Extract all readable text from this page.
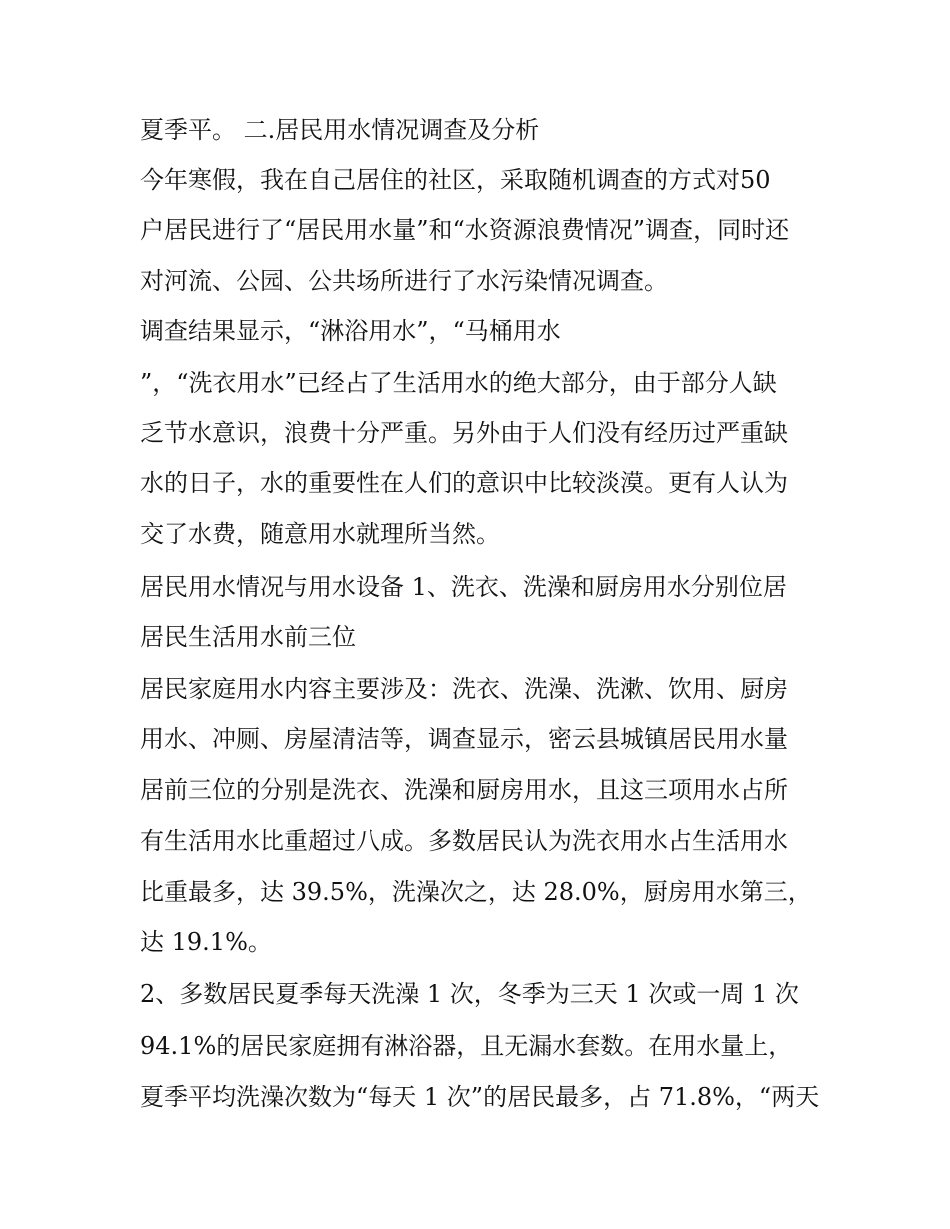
夏季平。 二.居民用水情况调查及分析
今年寒假，我在自己居住的社区，采取随机调查的方式对50
户居民进行了“居民用水量”和“水资源浪费情况”调查，同时还
对河流、公园、公共场所进行了水污染情况调查。
调查结果显示，“淋浴用水”，“马桶用水
”，“洗衣用水”已经占了生活用水的绝大部分，由于部分人缺
乏节水意识，浪费十分严重。另外由于人们没有经历过严重缺
水的日子，水的重要性在人们的意识中比较淡漠。更有人认为
交了水费，随意用水就理所当然。
居民用水情况与用水设备 1、洗衣、洗澡和厨房用水分别位居
居民生活用水前三位
居民家庭用水内容主要涉及：洗衣、洗澡、洗漱、饮用、厨房
用水、冲厕、房屋清洁等，调查显示，密云县城镇居民用水量
居前三位的分别是洗衣、洗澡和厨房用水，且这三项用水占所
有生活用水比重超过八成。多数居民认为洗衣用水占生活用水
比重最多，达 39.5%，洗澡次之，达 28.0%，厨房用水第三，
达 19.1%。
2、多数居民夏季每天洗澡 1 次，冬季为三天 1 次或一周 1 次
94.1%的居民家庭拥有淋浴器，且无漏水套数。在用水量上，
夏季平均洗澡次数为“每天 1 次”的居民最多，占 71.8%，“两天
